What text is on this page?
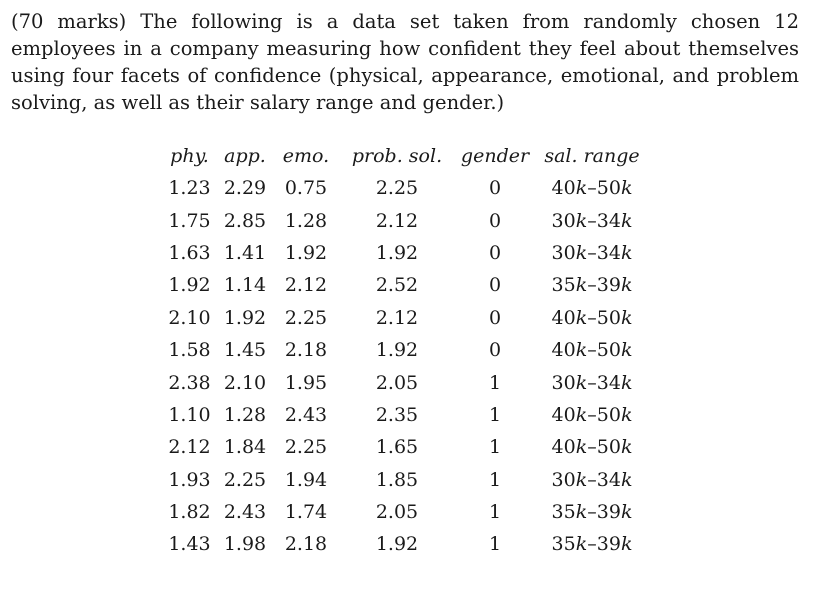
(70 marks) The following is a data set taken from randomly chosen 12 employees in a company measuring how confident they feel about themselves using four facets of confidence (physical, appearance, emotional, and problem solving, as well as their salary range and gender.)

phy.	app.	emo.	prob. sol.	gender	sal. range
1.23	2.29	0.75	2.25	0	40k–50k
1.75	2.85	1.28	2.12	0	30k–34k
1.63	1.41	1.92	1.92	0	30k–34k
1.92	1.14	2.12	2.52	0	35k–39k
2.10	1.92	2.25	2.12	0	40k–50k
1.58	1.45	2.18	1.92	0	40k–50k
2.38	2.10	1.95	2.05	1	30k–34k
1.10	1.28	2.43	2.35	1	40k–50k
2.12	1.84	2.25	1.65	1	40k–50k
1.93	2.25	1.94	1.85	1	30k–34k
1.82	2.43	1.74	2.05	1	35k–39k
1.43	1.98	2.18	1.92	1	35k–39k
